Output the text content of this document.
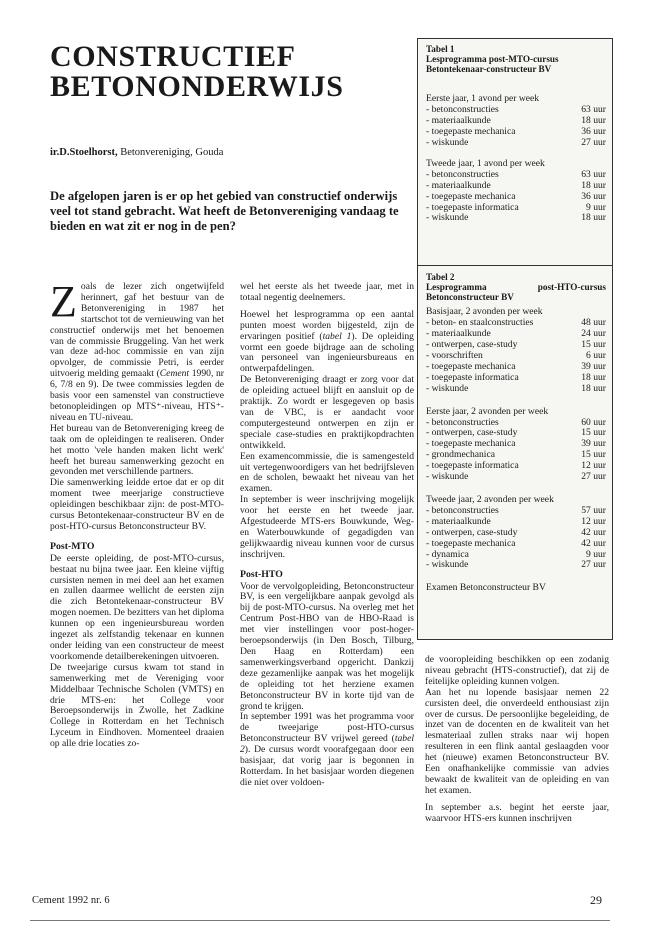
CONSTRUCTIEF
BETONONDERWIJS
ir.D.Stoelhorst, Betonvereniging, Gouda
De afgelopen jaren is er op het gebied van constructief onderwijs veel tot stand gebracht. Wat heeft de Betonvereniging vandaag te bieden en wat zit er nog in de pen?

Zoals de lezer zich ongetwijfeld herinnert, gaf het bestuur van de Betonvereniging in 1987 het startschot tot de vernieuwing van het constructief onderwijs met het benoemen van de commissie Bruggeling. Van het werk van deze ad-hoc commissie en van zijn opvolger, de commissie Petri, is eerder uitvoerig melding gemaakt (Cement 1990, nr 6, 7/8 en 9). De twee commissies legden de basis voor een samenstel van constructieve betonopleidingen op MTS⁺-niveau, HTS⁺-niveau en TU-niveau.

Het bureau van de Betonvereniging kreeg de taak om de opleidingen te realiseren. Onder het motto 'vele handen maken licht werk' heeft het bureau samenwerking gezocht en gevonden met verschillende partners.

Die samenwerking leidde ertoe dat er op dit moment twee meerjarige constructieve opleidingen beschikbaar zijn: de post-MTO-cursus Betontekenaar-constructeur BV en de post-HTO-cursus Betonconstructeur BV.

Post-MTO

De eerste opleiding, de post-MTO-cursus, bestaat nu bijna twee jaar. Een kleine vijftig cursisten nemen in mei deel aan het examen en zullen daarmee wellicht de eersten zijn die zich Betontekenaar-constructeur BV mogen noemen. De bezitters van het diploma kunnen op een ingenieursbureau worden ingezet als zelfstandig tekenaar en kunnen onder leiding van een constructeur de meest voorkomende detailberekeningen uitvoeren.

De tweejarige cursus kwam tot stand in samenwerking met de Vereniging voor Middelbaar Technische Scholen (VMTS) en drie MTS-en: het College voor Beroepsonderwijs in Zwolle, het Zadkine College in Rotterdam en het Technisch Lyceum in Eindhoven. Momenteel draaien op alle drie locaties zo-

wel het eerste als het tweede jaar, met in totaal negentig deelnemers.

Hoewel het lesprogramma op een aantal punten moest worden bijgesteld, zijn de ervaringen positief (tabel 1). De opleiding vormt een goede bijdrage aan de scholing van personeel van ingenieursbureaus en ontwerpafdelingen.

De Betonvereniging draagt er zorg voor dat de opleiding actueel blijft en aansluit op de praktijk. Zo wordt er lesgegeven op basis van de VBC, is er aandacht voor computergesteund ontwerpen en zijn er speciale case-studies en praktijkopdrachten ontwikkeld.

Een examencommissie, die is samengesteld uit vertegenwoordigers van het bedrijfsleven en de scholen, bewaakt het niveau van het examen.

In september is weer inschrijving mogelijk voor het eerste en het tweede jaar. Afgestudeerde MTS-ers Bouwkunde, Weg- en Waterbouwkunde of gegadigden van gelijkwaardig niveau kunnen voor de cursus inschrijven.

Post-HTO

Voor de vervolgopleiding, Betonconstructeur BV, is een vergelijkbare aanpak gevolgd als bij de post-MTO-cursus. Na overleg met het Centrum Post-HBO van de HBO-Raad is met vier instellingen voor post-hoger-beroepsonderwijs (in Den Bosch, Tilburg, Den Haag en Rotterdam) een samenwerkingsverband opgericht. Dankzij deze gezamenlijke aanpak was het mogelijk de opleiding tot het herziene examen Betonconstructeur BV in korte tijd van de grond te krijgen.

In september 1991 was het programma voor de tweejarige post-HTO-cursus Betonconstructeur BV vrijwel gereed (tabel 2). De cursus wordt voorafgegaan door een basisjaar, dat vorig jaar is begonnen in Rotterdam. In het basisjaar worden diegenen die niet over voldoen-

de vooropleiding beschikken op een zodanig niveau gebracht (HTS-constructief), dat zij de feitelijke opleiding kunnen volgen.

Aan het nu lopende basisjaar nemen 22 cursisten deel, die onverdeeld enthousiast zijn over de cursus. De persoonlijke begeleiding, de inzet van de docenten en de kwaliteit van het lesmateriaal zullen straks naar wij hopen resulteren in een flink aantal geslaagden voor het (nieuwe) examen Betonconstructeur BV. Een onafhankelijke commissie van advies bewaakt de kwaliteit van de opleiding en van het examen.

In september a.s. begint het eerste jaar, waarvoor HTS-ers kunnen inschrijven

Tabel 1
Lesprogramma post-MTO-cursus
Betontekenaar-constructeur BV
Eerste jaar, 1 avond per week
- betonconstructies	63 uur
- materiaalkunde	18 uur
- toegepaste mechanica	36 uur
- wiskunde	27 uur
Tweede jaar, 1 avond per week
- betonconstructies	63 uur
- materiaalkunde	18 uur
- toegepaste mechanica	36 uur
- toegepaste informatica	9 uur
- wiskunde	18 uur
Tabel 2
Lesprogramma	post-HTO-cursus
Betonconstructeur BV
Basisjaar, 2 avonden per week
- beton- en staalconstructies	48 uur
- materiaalkunde	24 uur
- ontwerpen, case-study	15 uur
- voorschriften	6 uur
- toegepaste mechanica	39 uur
- toegepaste informatica	18 uur
- wiskunde	18 uur
Eerste jaar, 2 avonden per week
- betonconstructies	60 uur
- ontwerpen, case-study	15 uur
- toegepaste mechanica	39 uur
- grondmechanica	15 uur
- toegepaste informatica	12 uur
- wiskunde	27 uur
Tweede jaar, 2 avonden per week
- betonconstructies	57 uur
- materiaalkunde	12 uur
- ontwerpen, case-study	42 uur
- toegepaste mechanica	42 uur
- dynamica	9 uur
- wiskunde	27 uur
Examen Betonconstructeur BV
Cement 1992 nr. 6	29
